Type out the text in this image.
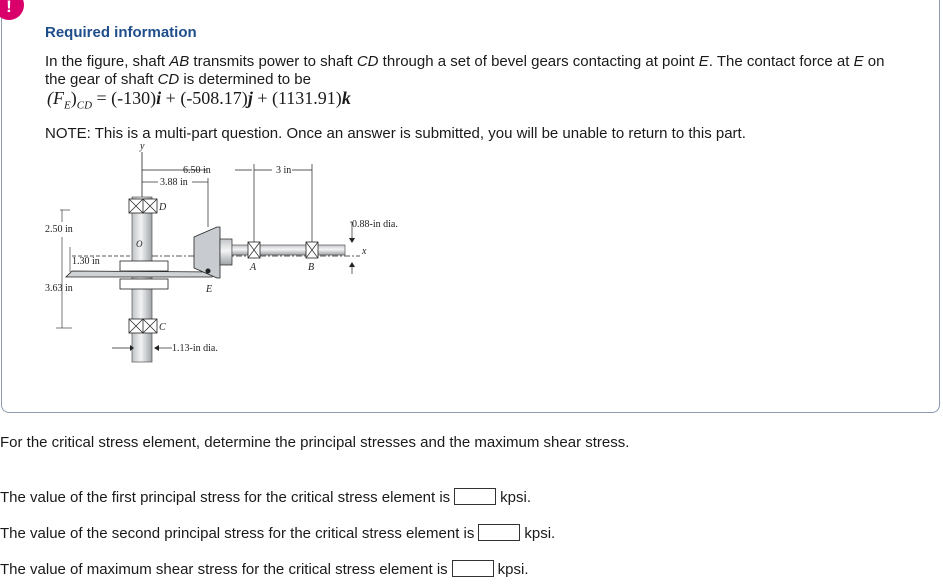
!
Required information
In the figure, shaft AB transmits power to shaft CD through a set of bevel gears contacting at point E. The contact force at E on the gear of shaft CD is determined to be
$(F_E)_{CD} = (-130)i + (-508.17)j + (1131.91)k$
NOTE: This is a multi-part question. Once an answer is submitted, you will be unable to return to this part.
y
6.50 in	3 in
3.88 in
D
C
O
x
E
A	B
0.88-in dia.
1.13-in dia.
2.50 in
1.30 in
3.63 in
For the critical stress element, determine the principal stresses and the maximum shear stress.
The value of the first principal stress for the critical stress element is	kpsi.
The value of the second principal stress for the critical stress element is	kpsi.
The value of maximum shear stress for the critical stress element is	kpsi.
